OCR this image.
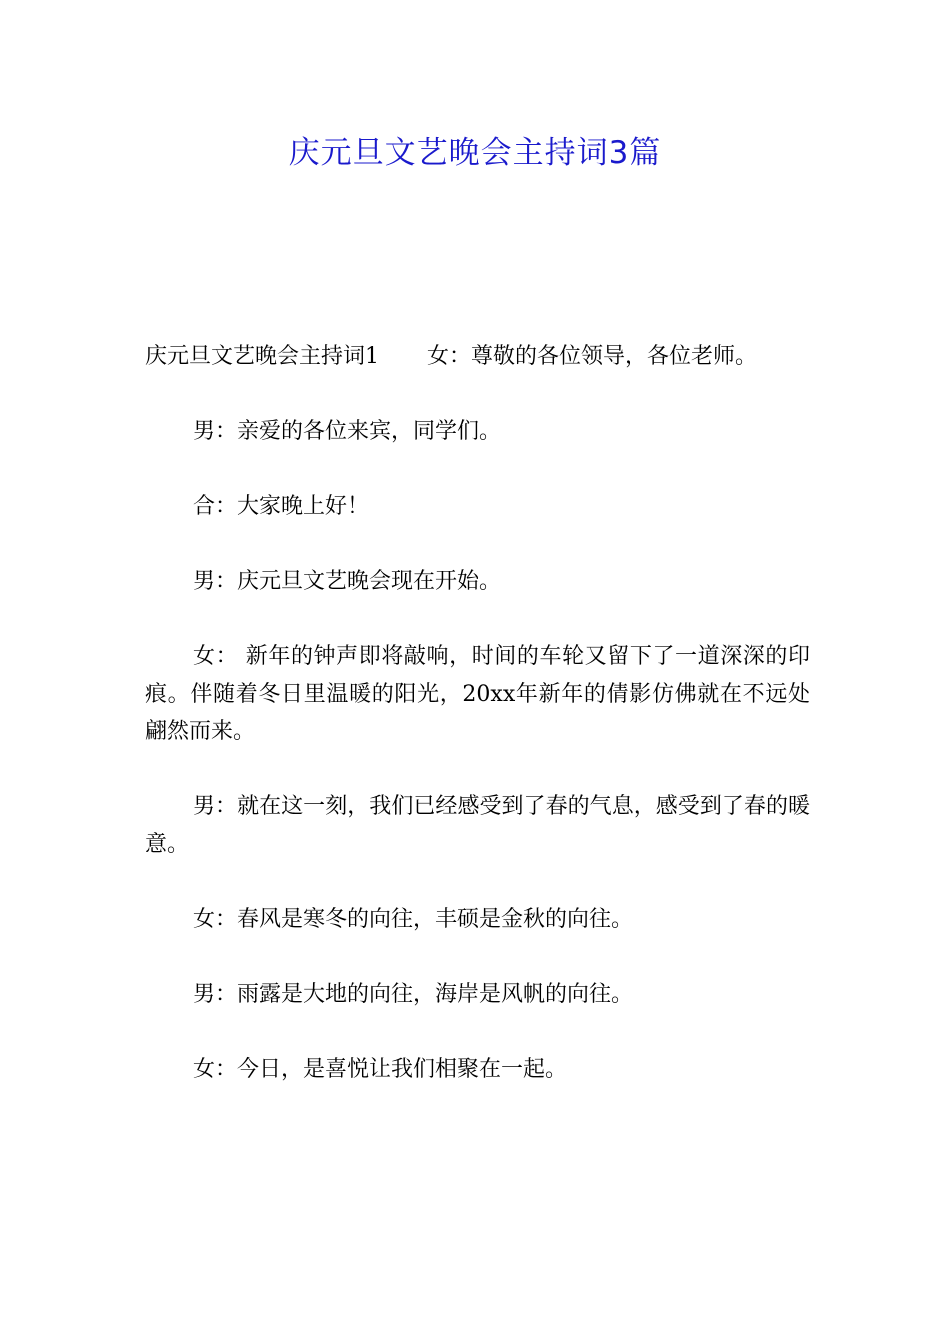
庆元旦文艺晚会主持词3篇

庆元旦文艺晚会主持词1 女：尊敬的各位领导，各位老师。

男：亲爱的各位来宾，同学们。

合：大家晚上好！

男：庆元旦文艺晚会现在开始。

女： 新年的钟声即将敲响，时间的车轮又留下了一道深深的印痕。伴随着冬日里温暖的阳光，20xx年新年的倩影仿佛就在不远处翩然而来。

男：就在这一刻，我们已经感受到了春的气息，感受到了春的暖意。

女：春风是寒冬的向往，丰硕是金秋的向往。

男：雨露是大地的向往，海岸是风帆的向往。

女：今日，是喜悦让我们相聚在一起。
